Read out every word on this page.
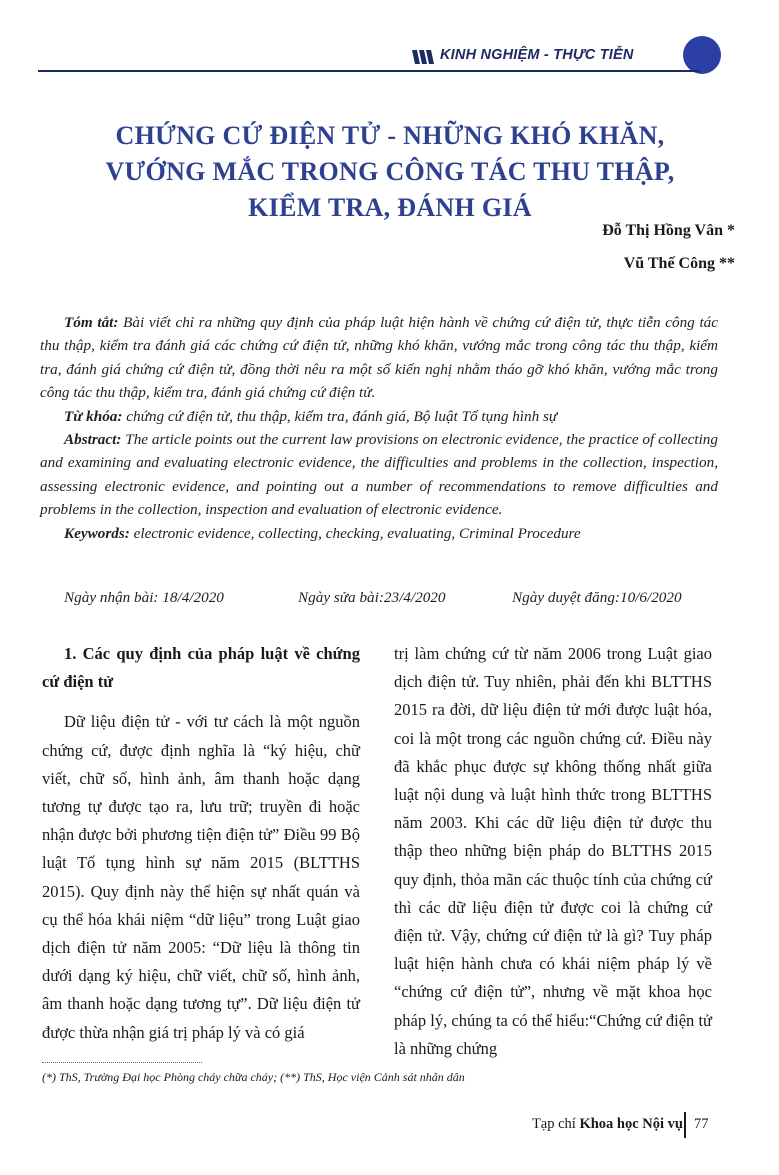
KINH NGHIỆM - THỰC TIỄN
CHỨNG CỨ ĐIỆN TỬ - NHỮNG KHÓ KHĂN,
VƯỚNG MẮC TRONG CÔNG TÁC THU THẬP,
KIỂM TRA, ĐÁNH GIÁ
Đỗ Thị Hồng Vân *
Vũ Thế Công **

Tóm tắt: Bài viết chỉ ra những quy định của pháp luật hiện hành về chứng cứ điện tử, thực tiễn công tác thu thập, kiểm tra đánh giá các chứng cứ điện tử, những khó khăn, vướng mắc trong công tác thu thập, kiểm tra, đánh giá chứng cứ điện tử, đồng thời nêu ra một số kiến nghị nhằm tháo gỡ khó khăn, vướng mắc trong công tác thu thập, kiểm tra, đánh giá chứng cứ điện tử.

Từ khóa: chứng cứ điện tử, thu thập, kiểm tra, đánh giá, Bộ luật Tố tụng hình sự

Abstract: The article points out the current law provisions on electronic evidence, the practice of collecting and examining and evaluating electronic evidence, the difficulties and problems in the collection, inspection, assessing electronic evidence, and pointing out a number of recommendations to remove difficulties and problems in the collection, inspection and evaluation of electronic evidence.

Keywords: electronic evidence, collecting, checking, evaluating, Criminal Procedure

Ngày nhận bài: 18/4/2020	Ngày sửa bài:23/4/2020	Ngày duyệt đăng:10/6/2020

1. Các quy định của pháp luật về chứng cứ điện tử

Dữ liệu điện tử - với tư cách là một nguồn chứng cứ, được định nghĩa là “ký hiệu, chữ viết, chữ số, hình ảnh, âm thanh hoặc dạng tương tự được tạo ra, lưu trữ; truyền đi hoặc nhận được bởi phương tiện điện tử” Điều 99 Bộ luật Tố tụng hình sự năm 2015 (BLTTHS 2015). Quy định này thể hiện sự nhất quán và cụ thể hóa khái niệm “dữ liệu” trong Luật giao dịch điện tử năm 2005: “Dữ liệu là thông tin dưới dạng ký hiệu, chữ viết, chữ số, hình ảnh, âm thanh hoặc dạng tương tự”. Dữ liệu điện tử được thừa nhận giá trị pháp lý và có giá

trị làm chứng cứ từ năm 2006 trong Luật giao dịch điện tử. Tuy nhiên, phải đến khi BLTTHS 2015 ra đời, dữ liệu điện tử mới được luật hóa, coi là một trong các nguồn chứng cứ. Điều này đã khắc phục được sự không thống nhất giữa luật nội dung và luật hình thức trong BLTTHS năm 2003. Khi các dữ liệu điện tử được thu thập theo những biện pháp do BLTTHS 2015 quy định, thỏa mãn các thuộc tính của chứng cứ thì các dữ liệu điện tử được coi là chứng cứ điện tử. Vậy, chứng cứ điện tử là gì? Tuy pháp luật hiện hành chưa có khái niệm pháp lý về “chứng cứ điện tử”, nhưng về mặt khoa học pháp lý, chúng ta có thể hiểu:“Chứng cứ điện tử là những chứng

(*) ThS, Trường Đại học Phòng cháy chữa cháy; (**) ThS, Học viện Cảnh sát nhân dân
Tạp chí Khoa học Nội vụ 77
